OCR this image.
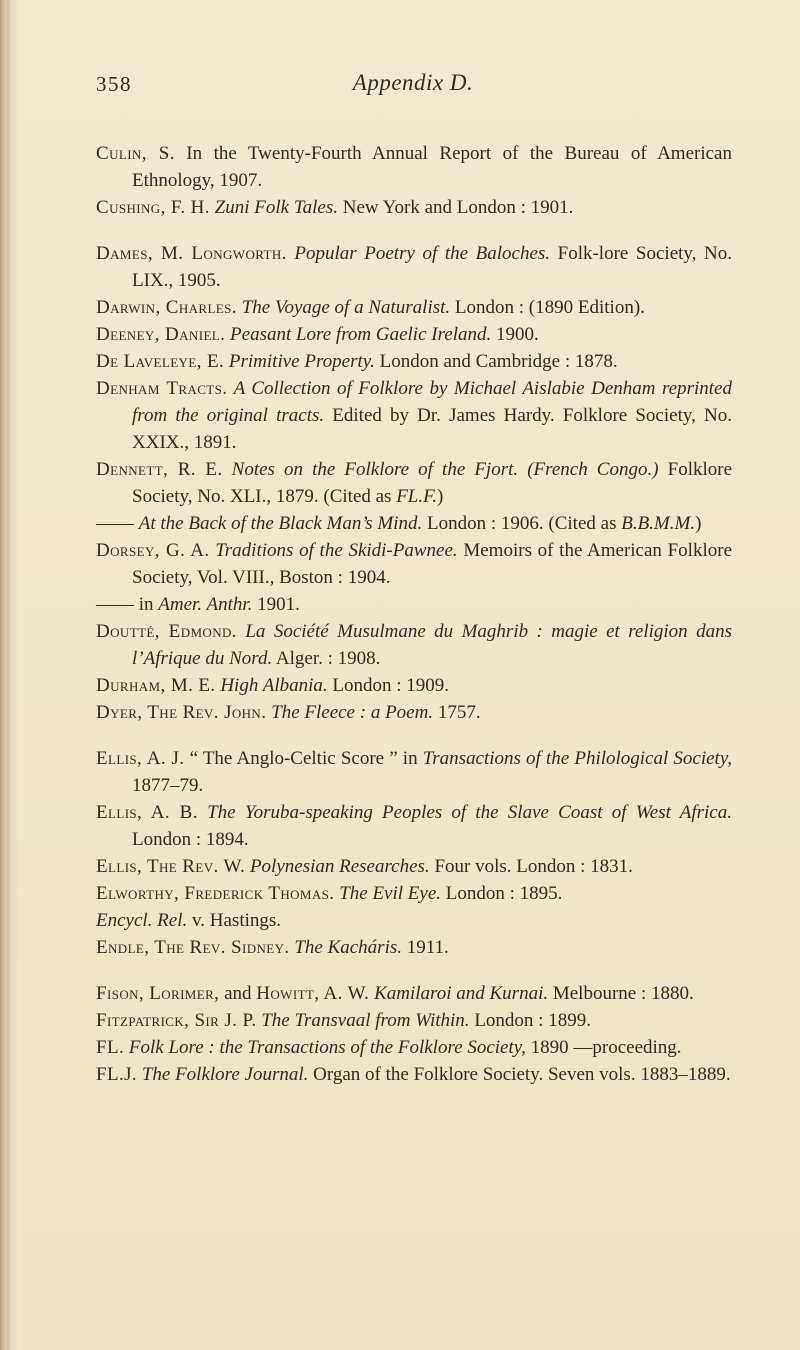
358	Appendix D.

Culin, S. In the Twenty-Fourth Annual Report of the Bureau of American Ethnology, 1907.

Cushing, F. H. Zuni Folk Tales. New York and London : 1901.

Dames, M. Longworth. Popular Poetry of the Baloches. Folk-lore Society, No. LIX., 1905.

Darwin, Charles. The Voyage of a Naturalist. London : (1890 Edition).

Deeney, Daniel. Peasant Lore from Gaelic Ireland. 1900.

De Laveleye, E. Primitive Property. London and Cambridge : 1878.

Denham Tracts. A Collection of Folklore by Michael Aislabie Denham reprinted from the original tracts. Edited by Dr. James Hardy. Folklore Society, No. XXIX., 1891.

Dennett, R. E. Notes on the Folklore of the Fjort. (French Congo.) Folklore Society, No. XLI., 1879. (Cited as FL.F.)

—— At the Back of the Black Man’s Mind. London : 1906. (Cited as B.B.M.M.)

Dorsey, G. A. Traditions of the Skidi-Pawnee. Memoirs of the American Folklore Society, Vol. VIII., Boston : 1904.

—— in Amer. Anthr. 1901.

Doutté, Edmond. La Société Musulmane du Maghrib : magie et religion dans l’Afrique du Nord. Alger. : 1908.

Durham, M. E. High Albania. London : 1909.

Dyer, The Rev. John. The Fleece : a Poem. 1757.

Ellis, A. J. “ The Anglo-Celtic Score ” in Transactions of the Philological Society, 1877–79.

Ellis, A. B. The Yoruba-speaking Peoples of the Slave Coast of West Africa. London : 1894.

Ellis, The Rev. W. Polynesian Researches. Four vols. London : 1831.

Elworthy, Frederick Thomas. The Evil Eye. London : 1895.

Encycl. Rel. v. Hastings.

Endle, The Rev. Sidney. The Kacháris. 1911.

Fison, Lorimer, and Howitt, A. W. Kamilaroi and Kurnai. Melbourne : 1880.

Fitzpatrick, Sir J. P. The Transvaal from Within. London : 1899.

FL. Folk Lore : the Transactions of the Folklore Society, 1890 —proceeding.

FL.J. The Folklore Journal. Organ of the Folklore Society. Seven vols. 1883–1889.
